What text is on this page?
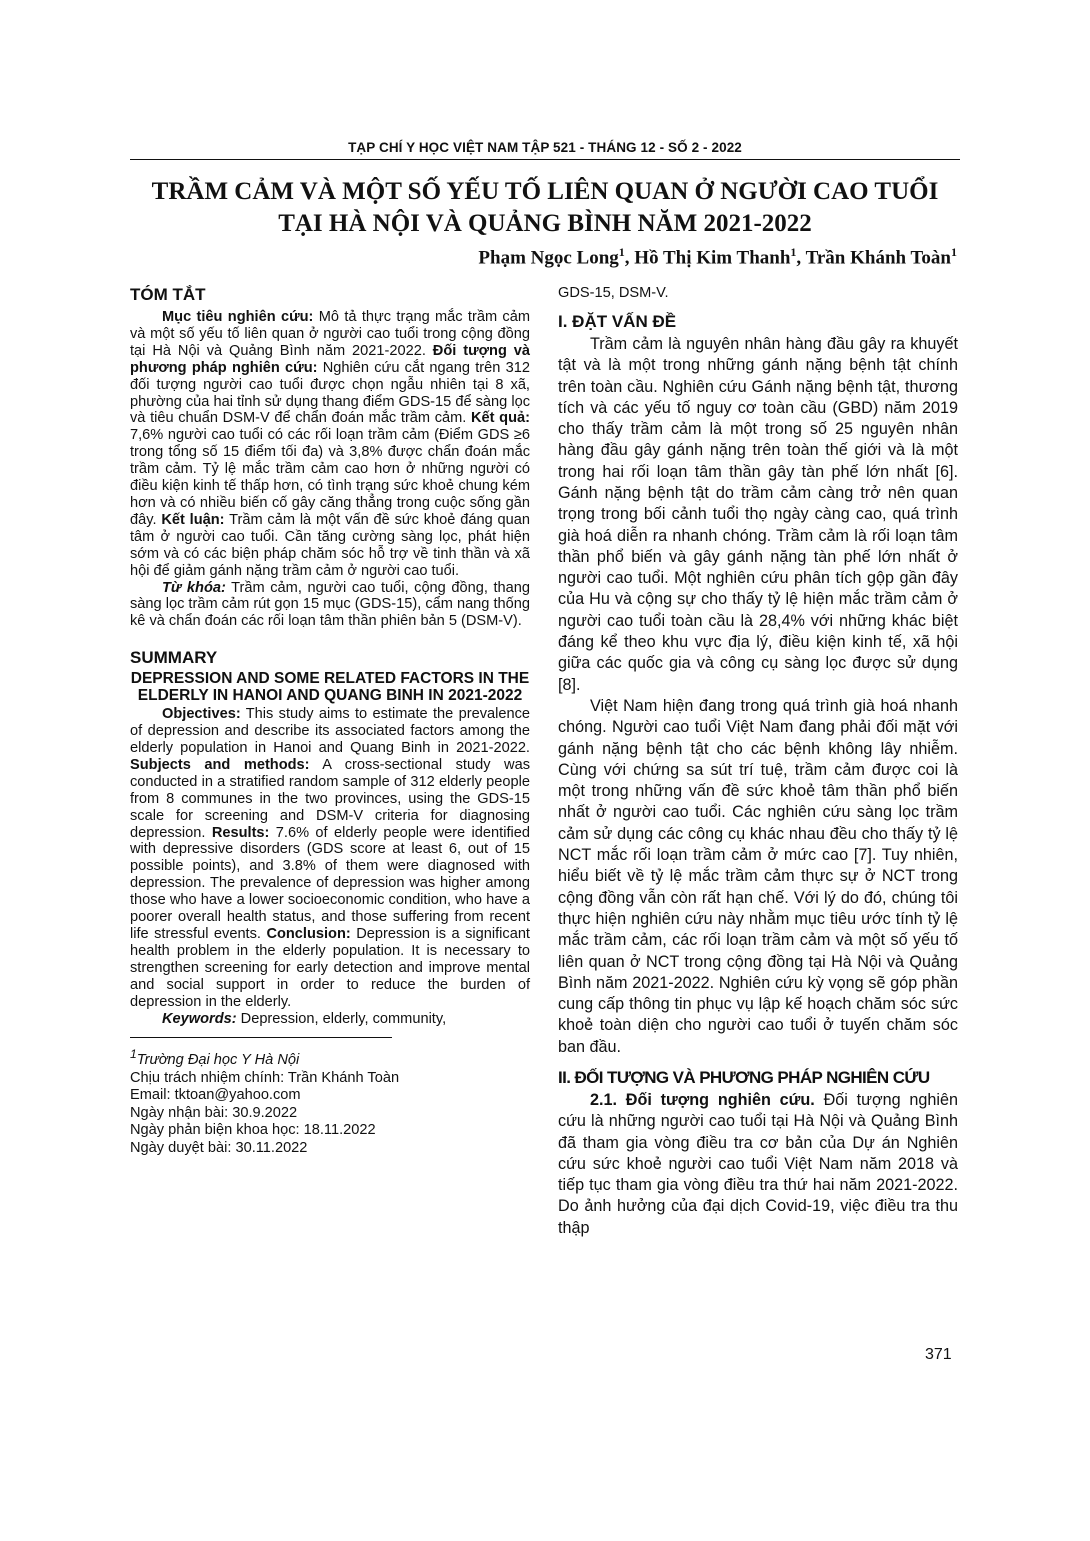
TẠP CHÍ Y HỌC VIỆT NAM TẬP 521 - THÁNG 12 - SỐ 2 - 2022
TRẦM CẢM VÀ MỘT SỐ YẾU TỐ LIÊN QUAN Ở NGƯỜI CAO TUỔI
TẠI HÀ NỘI VÀ QUẢNG BÌNH NĂM 2021-2022
Phạm Ngọc Long$^1$, Hồ Thị Kim Thanh$^1$, Trần Khánh Toàn$^1$
TÓM TẮT

Mục tiêu nghiên cứu: Mô tả thực trạng mắc trầm cảm và một số yếu tố liên quan ở người cao tuổi trong cộng đồng tại Hà Nội và Quảng Bình năm 2021-2022. Đối tượng và phương pháp nghiên cứu: Nghiên cứu cắt ngang trên 312 đối tượng người cao tuổi được chọn ngẫu nhiên tại 8 xã, phường của hai tỉnh sử dụng thang điểm GDS-15 để sàng lọc và tiêu chuẩn DSM-V để chẩn đoán mắc trầm cảm. Kết quả: 7,6% người cao tuổi có các rối loạn trầm cảm (Điểm GDS ≥6 trong tổng số 15 điểm tối đa) và 3,8% được chẩn đoán mắc trầm cảm. Tỷ lệ mắc trầm cảm cao hơn ở những người có điều kiện kinh tế thấp hơn, có tình trạng sức khoẻ chung kém hơn và có nhiều biến cố gây căng thẳng trong cuộc sống gần đây. Kết luận: Trầm cảm là một vấn đề sức khoẻ đáng quan tâm ở người cao tuổi. Cần tăng cường sàng lọc, phát hiện sớm và có các biện pháp chăm sóc hỗ trợ về tinh thần và xã hội để giảm gánh nặng trầm cảm ở người cao tuổi.

Từ khóa: Trầm cảm, người cao tuổi, cộng đồng, thang sàng lọc trầm cảm rút gọn 15 mục (GDS-15), cẩm nang thống kê và chẩn đoán các rối loạn tâm thần phiên bản 5 (DSM-V).

SUMMARY
DEPRESSION AND SOME RELATED FACTORS IN THE ELDERLY IN HANOI AND QUANG BINH IN 2021-2022

Objectives: This study aims to estimate the prevalence of depression and describe its associated factors among the elderly population in Hanoi and Quang Binh in 2021-2022. Subjects and methods: A cross-sectional study was conducted in a stratified random sample of 312 elderly people from 8 communes in the two provinces, using the GDS-15 scale for screening and DSM-V criteria for diagnosing depression. Results: 7.6% of elderly people were identified with depressive disorders (GDS score at least 6, out of 15 possible points), and 3.8% of them were diagnosed with depression. The prevalence of depression was higher among those who have a lower socioeconomic condition, who have a poorer overall health status, and those suffering from recent life stressful events. Conclusion: Depression is a significant health problem in the elderly population. It is necessary to strengthen screening for early detection and improve mental and social support in order to reduce the burden of depression in the elderly.

Keywords: Depression, elderly, community,

$^1$Trường Đại học Y Hà Nội
Chịu trách nhiệm chính: Trần Khánh Toàn
Email: tktoan@yahoo.com
Ngày nhận bài: 30.9.2022
Ngày phản biện khoa học: 18.11.2022
Ngày duyệt bài: 30.11.2022
GDS-15, DSM-V.
I. ĐẶT VẤN ĐỀ

Trầm cảm là nguyên nhân hàng đầu gây ra khuyết tật và là một trong những gánh nặng bệnh tật chính trên toàn cầu. Nghiên cứu Gánh nặng bệnh tật, thương tích và các yếu tố nguy cơ toàn cầu (GBD) năm 2019 cho thấy trầm cảm là một trong số 25 nguyên nhân hàng đầu gây gánh nặng trên toàn thế giới và là một trong hai rối loạn tâm thần gây tàn phế lớn nhất [6]. Gánh nặng bệnh tật do trầm cảm càng trở nên quan trọng trong bối cảnh tuổi thọ ngày càng cao, quá trình già hoá diễn ra nhanh chóng. Trầm cảm là rối loạn tâm thần phổ biến và gây gánh nặng tàn phế lớn nhất ở người cao tuổi. Một nghiên cứu phân tích gộp gần đây của Hu và cộng sự cho thấy tỷ lệ hiện mắc trầm cảm ở người cao tuổi toàn cầu là 28,4% với những khác biệt đáng kể theo khu vực địa lý, điều kiện kinh tế, xã hội giữa các quốc gia và công cụ sàng lọc được sử dụng [8].

Việt Nam hiện đang trong quá trình già hoá nhanh chóng. Người cao tuổi Việt Nam đang phải đối mặt với gánh nặng bệnh tật cho các bệnh không lây nhiễm. Cùng với chứng sa sút trí tuệ, trầm cảm được coi là một trong những vấn đề sức khoẻ tâm thần phổ biến nhất ở người cao tuổi. Các nghiên cứu sàng lọc trầm cảm sử dụng các công cụ khác nhau đều cho thấy tỷ lệ NCT mắc rối loạn trầm cảm ở mức cao [7]. Tuy nhiên, hiểu biết về tỷ lệ mắc trầm cảm thực sự ở NCT trong cộng đồng vẫn còn rất hạn chế. Với lý do đó, chúng tôi thực hiện nghiên cứu này nhằm mục tiêu ước tính tỷ lệ mắc trầm cảm, các rối loạn trầm cảm và một số yếu tố liên quan ở NCT trong cộng đồng tại Hà Nội và Quảng Bình năm 2021-2022. Nghiên cứu kỳ vọng sẽ góp phần cung cấp thông tin phục vụ lập kế hoạch chăm sóc sức khoẻ toàn diện cho người cao tuổi ở tuyến chăm sóc ban đầu.

II. ĐỐI TƯỢNG VÀ PHƯƠNG PHÁP NGHIÊN CỨU

2.1. Đối tượng nghiên cứu. Đối tượng nghiên cứu là những người cao tuổi tại Hà Nội và Quảng Bình đã tham gia vòng điều tra cơ bản của Dự án Nghiên cứu sức khoẻ người cao tuổi Việt Nam năm 2018 và tiếp tục tham gia vòng điều tra thứ hai năm 2021-2022. Do ảnh hưởng của đại dịch Covid-19, việc điều tra thu thập

371
